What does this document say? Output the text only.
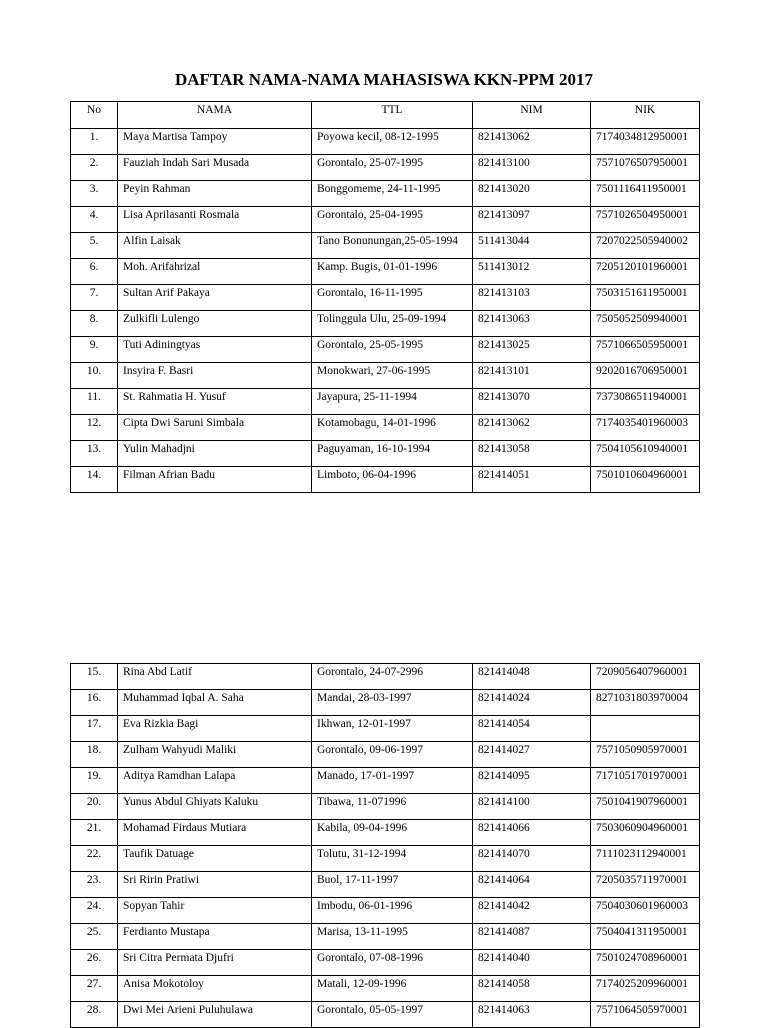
DAFTAR NAMA-NAMA MAHASISWA KKN-PPM 2017
No	NAMA	TTL	NIM	NIK
1.	Maya Martisa Tampoy	Poyowa kecil, 08-12-1995	821413062	7174034812950001
2.	Fauziah Indah Sari Musada	Gorontalo, 25-07-1995	821413100	7571076507950001
3.	Peyin Rahman	Bonggomeme, 24-11-1995	821413020	7501116411950001
4.	Lisa Aprilasanti Rosmala	Gorontalo, 25-04-1995	821413097	7571026504950001
5.	Alfin Laisak	Tano Bonunungan,25-05-1994	511413044	7207022505940002
6.	Moh. Arifahrizal	Kamp. Bugis, 01-01-1996	511413012	7205120101960001
7.	Sultan Arif Pakaya	Gorontalo, 16-11-1995	821413103	7503151611950001
8.	Zulkifli Lulengo	Tolinggula Ulu, 25-09-1994	821413063	7505052509940001
9.	Tuti Adiningtyas	Gorontalo, 25-05-1995	821413025	7571066505950001
10.	Insyira F. Basri	Monokwari, 27-06-1995	821413101	9202016706950001
11.	St. Rahmatia H. Yusuf	Jayapura, 25-11-1994	821413070	7373086511940001
12.	Cipta Dwi Saruni Simbala	Kotamobagu, 14-01-1996	821413062	7174035401960003
13.	Yulin Mahadjni	Paguyaman, 16-10-1994	821413058	7504105610940001
14.	Filman Afrian Badu	Limboto, 06-04-1996	821414051	7501010604960001
15.	Rina Abd Latif	Gorontalo, 24-07-2996	821414048	7209056407960001
16.	Muhammad Iqbal A. Saha	Mandai, 28-03-1997	821414024	8271031803970004
17.	Eva Rizkia Bagi	Ikhwan, 12-01-1997	821414054	
18.	Zulham Wahyudi Maliki	Gorontalo, 09-06-1997	821414027	7571050905970001
19.	Aditya Ramdhan Lalapa	Manado, 17-01-1997	821414095	7171051701970001
20.	Yunus Abdul Ghiyats Kaluku	Tibawa, 11-071996	821414100	7501041907960001
21.	Mohamad Firdaus Mutiara	Kabila, 09-04-1996	821414066	7503060904960001
22.	Taufik Datuage	Tolutu, 31-12-1994	821414070	7111023112940001
23.	Sri Ririn Pratiwi	Buol, 17-11-1997	821414064	7205035711970001
24.	Sopyan Tahir	Imbodu, 06-01-1996	821414042	7504030601960003
25.	Ferdianto Mustapa	Marisa, 13-11-1995	821414087	7504041311950001
26.	Sri Citra Permata Djufri	Gorontalo, 07-08-1996	821414040	7501024708960001
27.	Anisa Mokotoloy	Matali, 12-09-1996	821414058	7174025209960001
28.	Dwi Mei Arieni Puluhulawa	Gorontalo, 05-05-1997	821414063	7571064505970001
